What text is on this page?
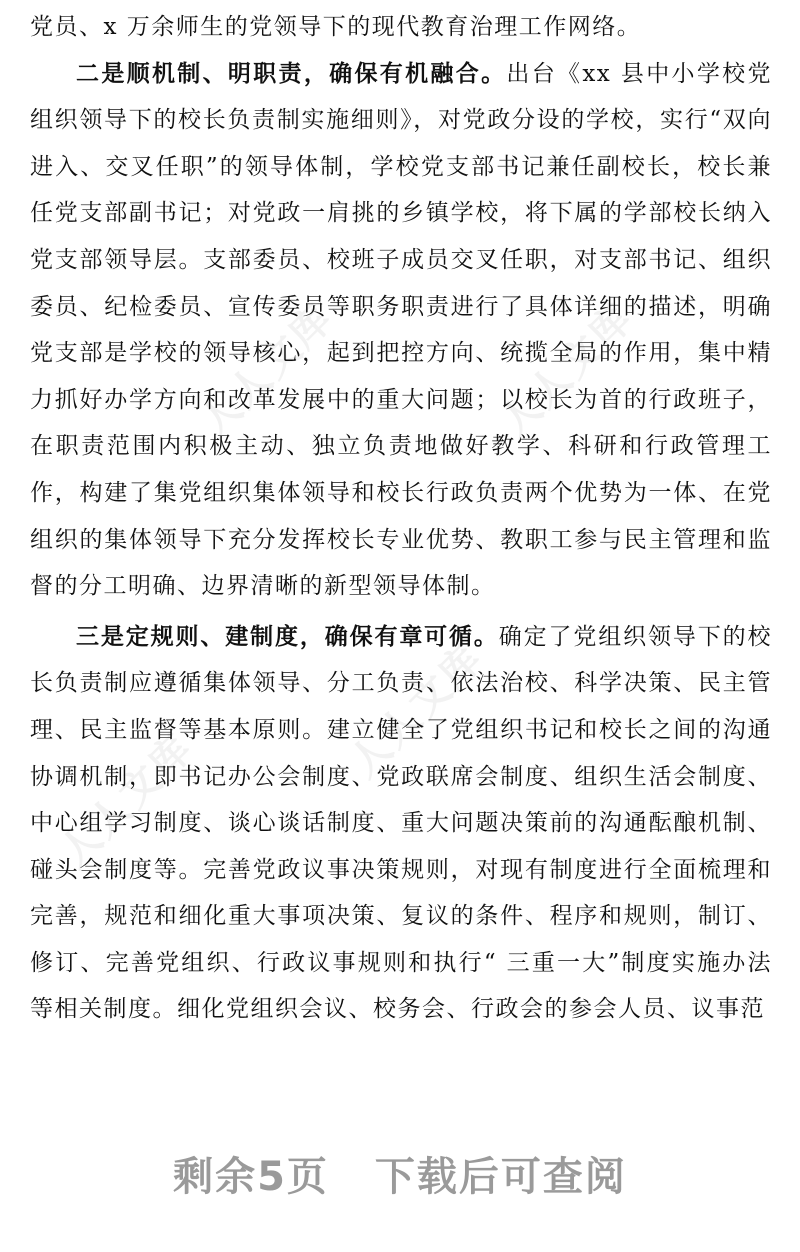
人人文库	人人文库
人人文库
人人文库

党员、x 万余师生的党领导下的现代教育治理工作网络。

二是顺机制、明职责，确保有机融合。出台《xx 县中小学校党组织领导下的校长负责制实施细则》，对党政分设的学校，实行“双向进入、交叉任职”的领导体制，学校党支部书记兼任副校长，校长兼任党支部副书记；对党政一肩挑的乡镇学校，将下属的学部校长纳入党支部领导层。支部委员、校班子成员交叉任职，对支部书记、组织委员、纪检委员、宣传委员等职务职责进行了具体详细的描述，明确党支部是学校的领导核心，起到把控方向、统揽全局的作用，集中精力抓好办学方向和改革发展中的重大问题；以校长为首的行政班子，在职责范围内积极主动、独立负责地做好教学、科研和行政管理工作，构建了集党组织集体领导和校长行政负责两个优势为一体、在党组织的集体领导下充分发挥校长专业优势、教职工参与民主管理和监督的分工明确、边界清晰的新型领导体制。

三是定规则、建制度，确保有章可循。确定了党组织领导下的校长负责制应遵循集体领导、分工负责、依法治校、科学决策、民主管理、民主监督等基本原则。建立健全了党组织书记和校长之间的沟通协调机制，即书记办公会制度、党政联席会制度、组织生活会制度、中心组学习制度、谈心谈话制度、重大问题决策前的沟通酝酿机制、碰头会制度等。完善党政议事决策规则，对现有制度进行全面梳理和完善，规范和细化重大事项决策、复议的条件、程序和规则，制订、修订、完善党组织、行政议事规则和执行“ 三重一大”制度实施办法等相关制度。细化党组织会议、校务会、行政会的参会人员、议事范

剩余5页 下载后可查阅
